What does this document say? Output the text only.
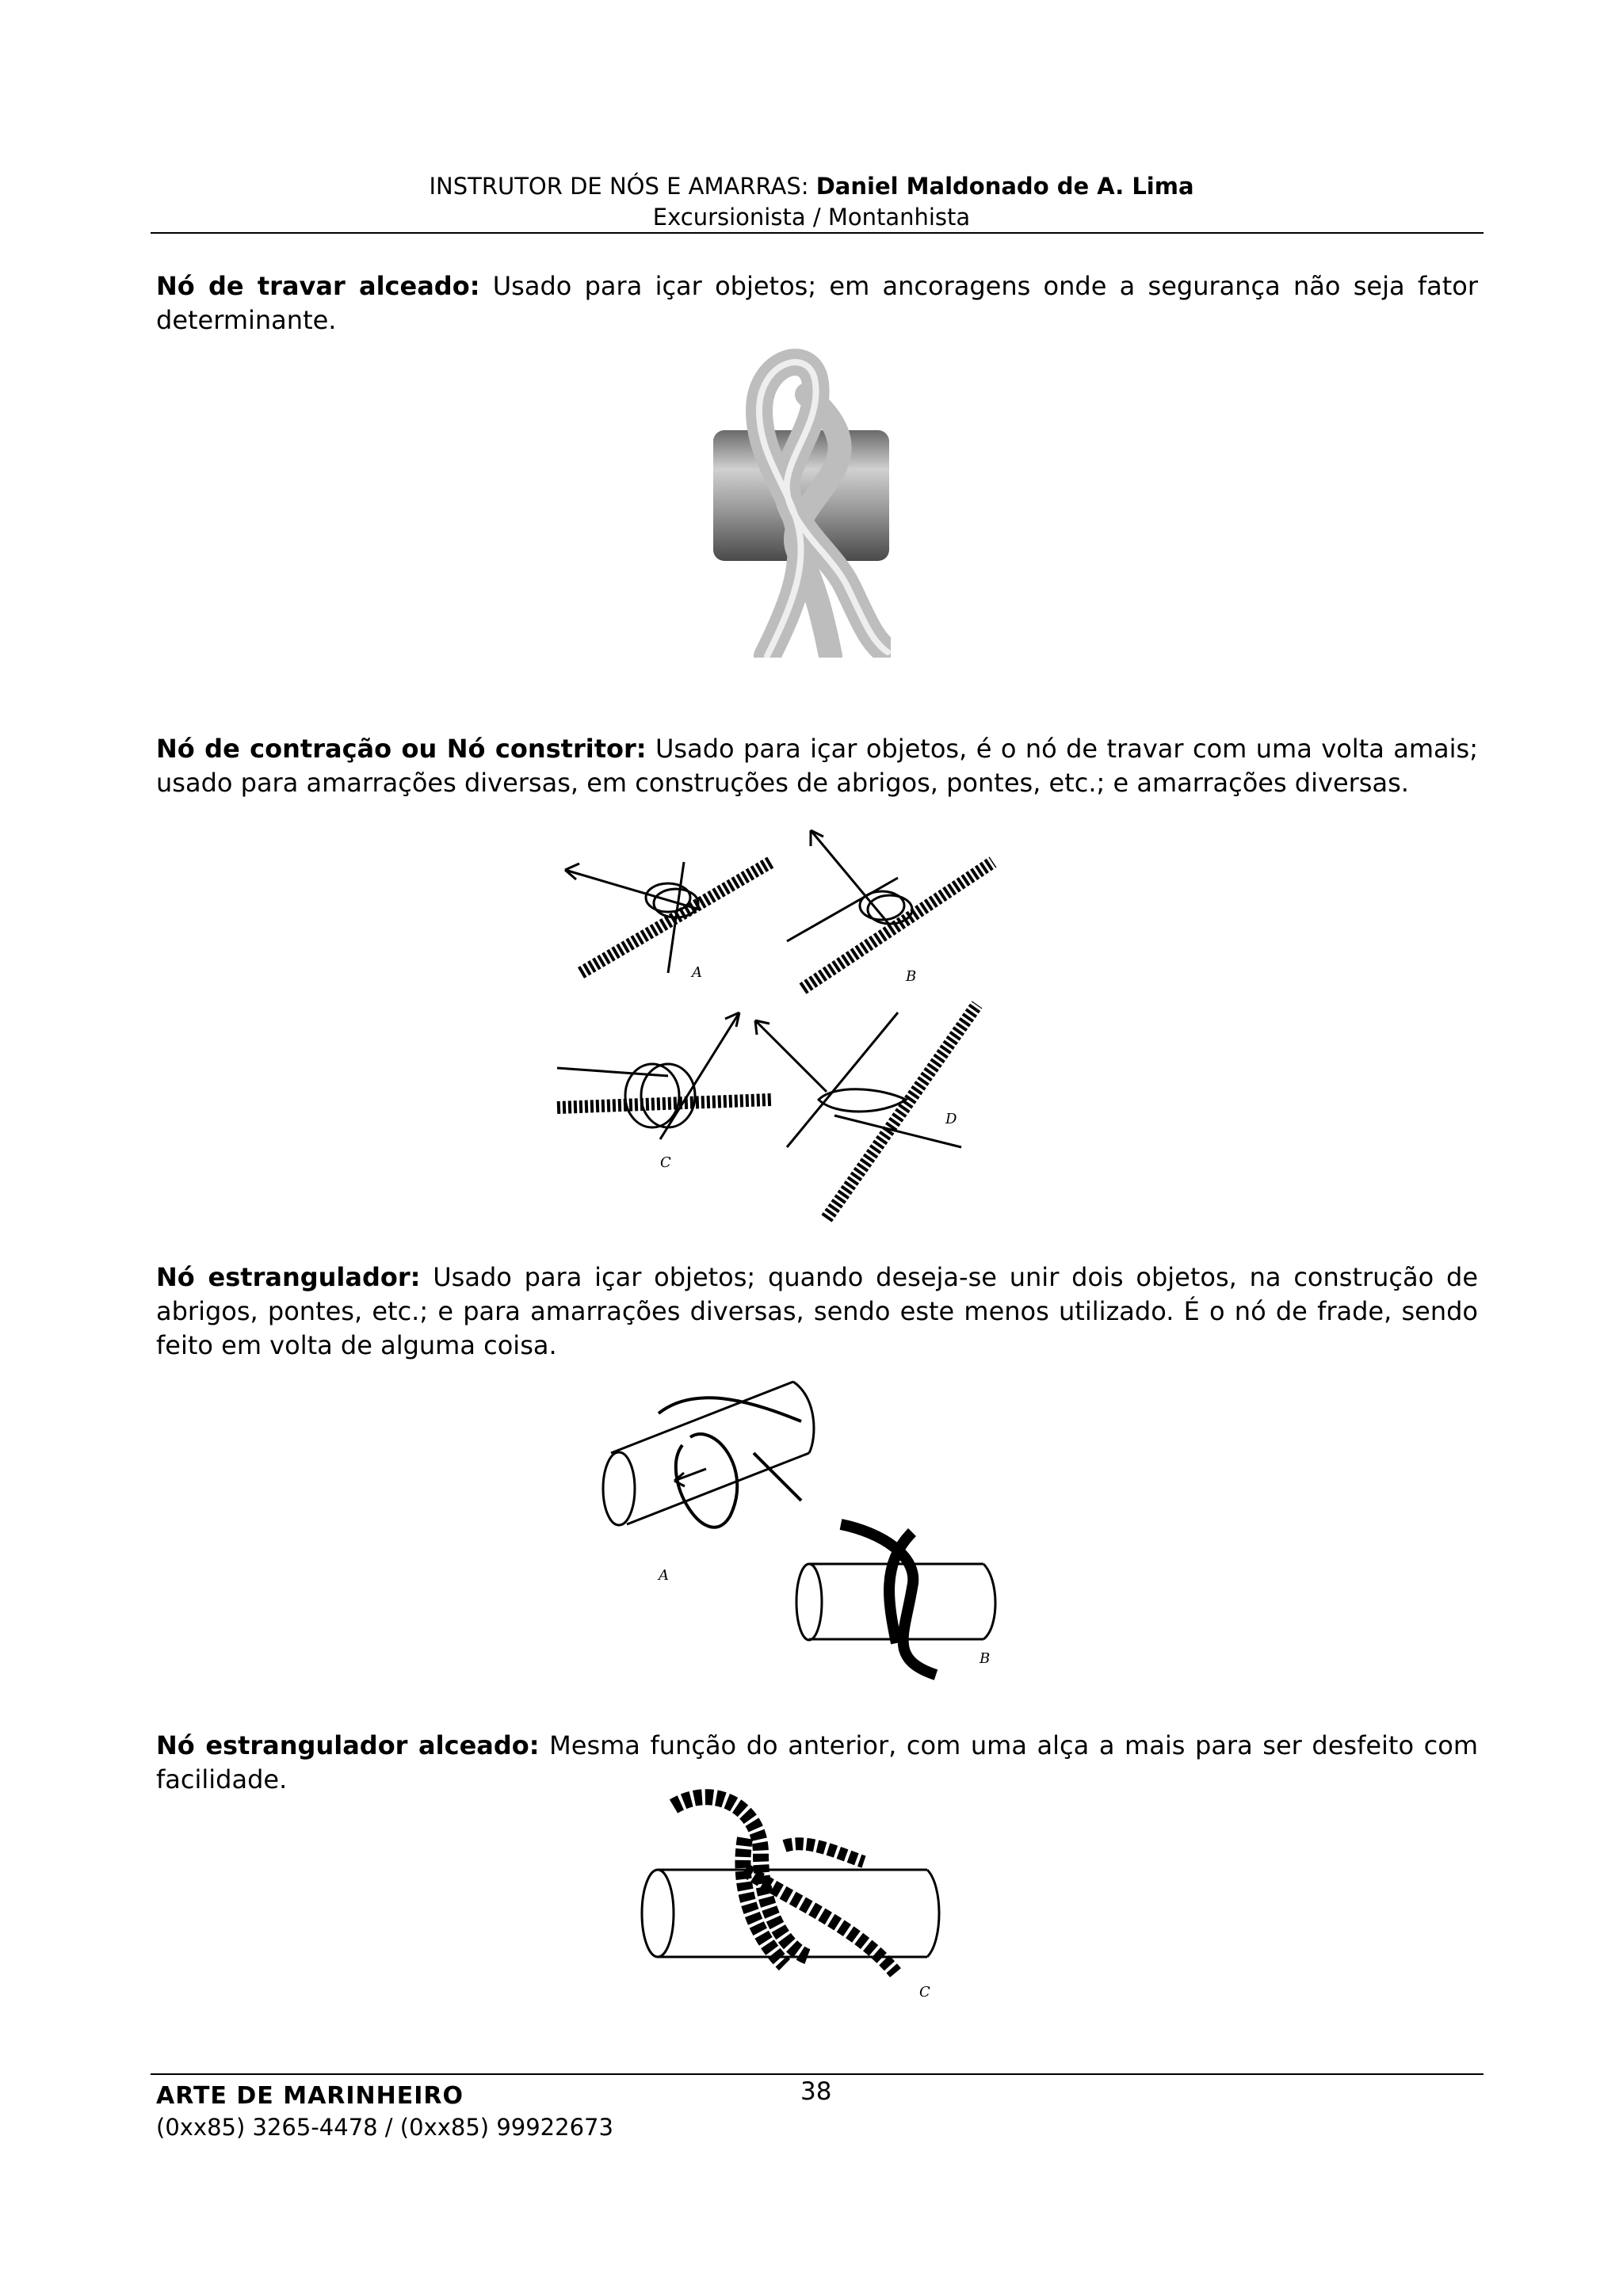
INSTRUTOR DE NÓS E AMARRAS: Daniel Maldonado de A. Lima
Excursionista / Montanhista
Nó de travar alceado: Usado para içar objetos; em ancoragens onde a segurança não seja fator determinante.
Nó de contração ou Nó constritor: Usado para içar objetos, é o nó de travar com uma volta amais; usado para amarrações diversas, em construções de abrigos, pontes, etc.; e amarrações diversas.
A	B
C
D
Nó estrangulador: Usado para içar objetos; quando deseja-se unir dois objetos, na construção de abrigos, pontes, etc.; e para amarrações diversas, sendo este menos utilizado. É o nó de frade, sendo feito em volta de alguma coisa.
A
B
Nó estrangulador alceado: Mesma função do anterior, com uma alça a mais para ser desfeito com facilidade.
C
ARTE DE MARINHEIRO	38
(0xx85) 3265-4478 / (0xx85) 99922673
